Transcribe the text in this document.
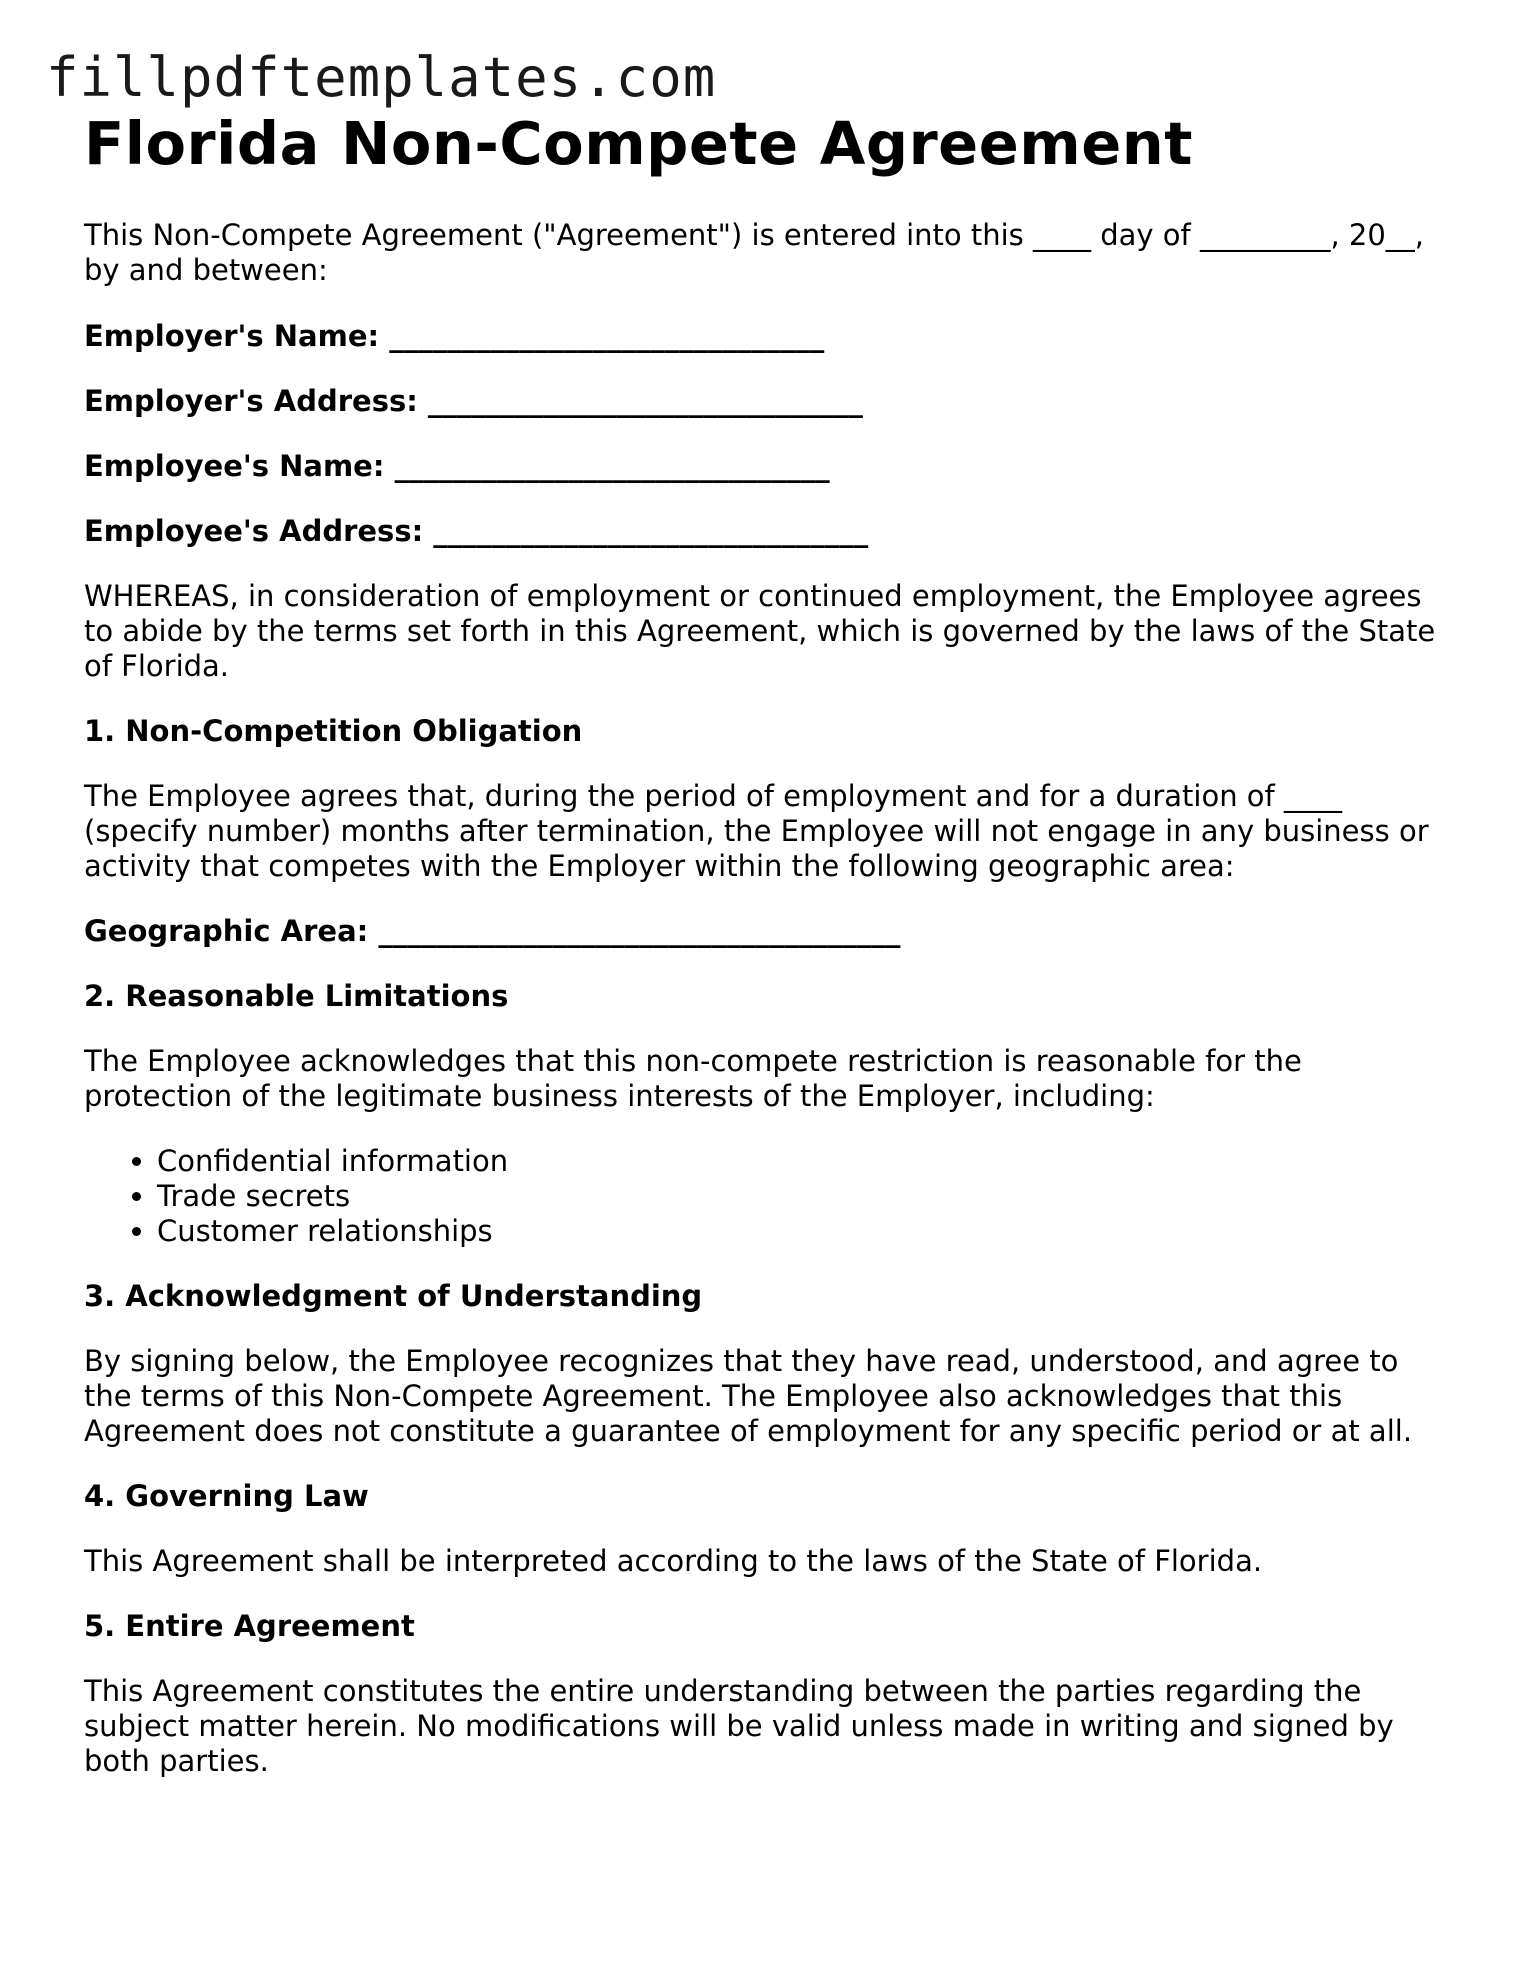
fillpdftemplates.com
Florida Non-Compete Agreement

This Non-Compete Agreement ("Agreement") is entered into this ____ day of _________, 20__, by and between:

Employer's Name: ______________________________

Employer's Address: ______________________________

Employee's Name: ______________________________

Employee's Address: ______________________________

WHEREAS, in consideration of employment or continued employment, the Employee agrees to abide by the terms set forth in this Agreement, which is governed by the laws of the State of Florida.

1. Non-Competition Obligation

The Employee agrees that, during the period of employment and for a duration of ____ (specify number) months after termination, the Employee will not engage in any business or activity that competes with the Employer within the following geographic area:

Geographic Area: ____________________________________

2. Reasonable Limitations

The Employee acknowledges that this non-compete restriction is reasonable for the protection of the legitimate business interests of the Employer, including:

• Confidential information
• Trade secrets
• Customer relationships
3. Acknowledgment of Understanding

By signing below, the Employee recognizes that they have read, understood, and agree to the terms of this Non-Compete Agreement. The Employee also acknowledges that this Agreement does not constitute a guarantee of employment for any specific period or at all.

4. Governing Law

This Agreement shall be interpreted according to the laws of the State of Florida.

5. Entire Agreement

This Agreement constitutes the entire understanding between the parties regarding the subject matter herein. No modifications will be valid unless made in writing and signed by both parties.
